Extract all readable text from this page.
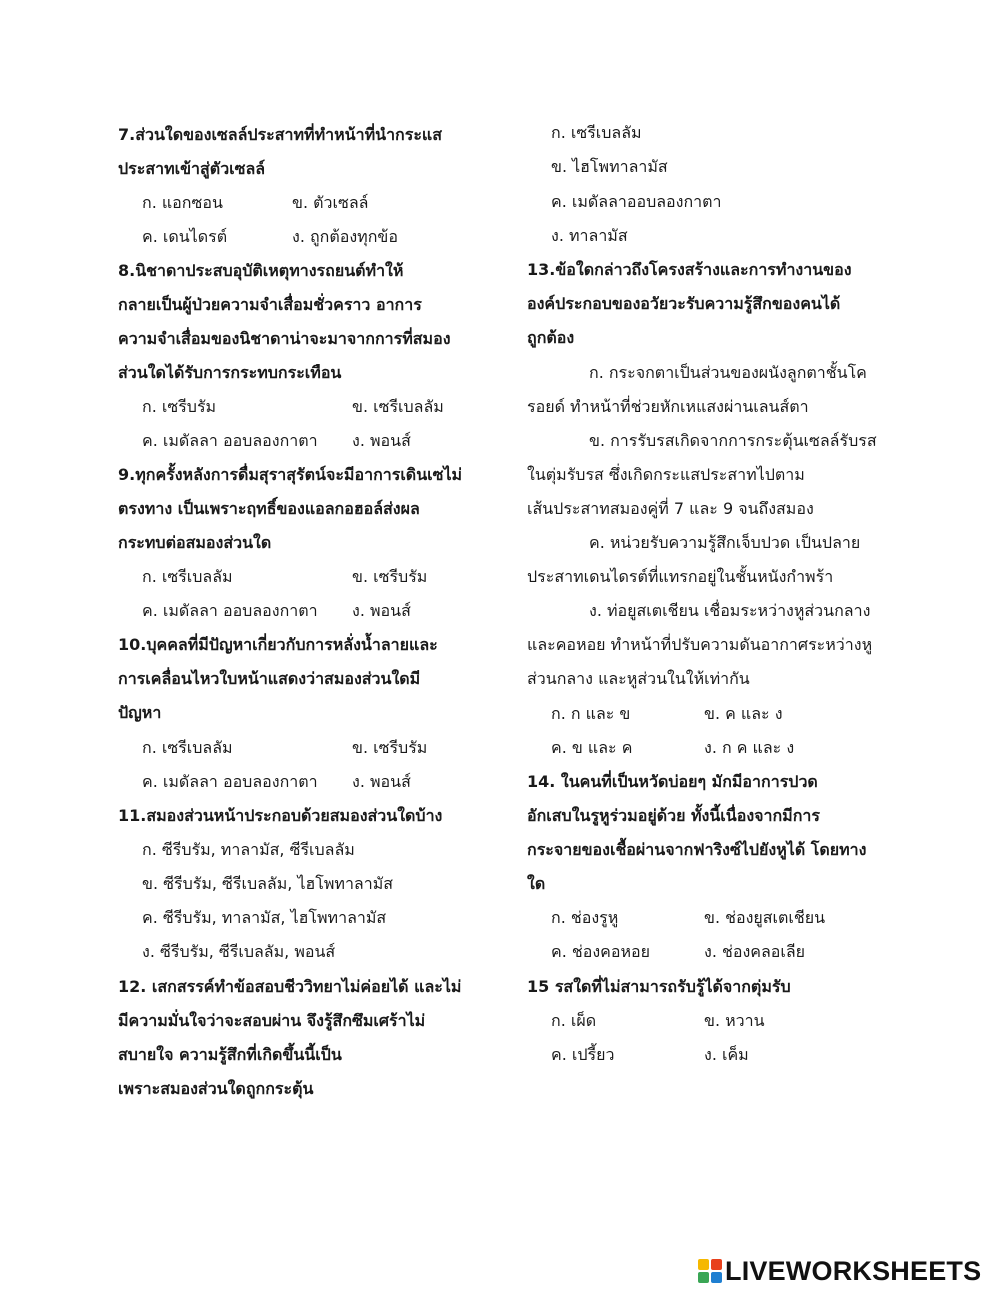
7.ส่วนใดของเซลล์ประสาทที่ทำหน้าที่นำกระแส
ประสาทเข้าสู่ตัวเซลล์
ก. แอกซอน	ข. ตัวเซลล์
ค. เดนไดรต์	ง. ถูกต้องทุกข้อ
8.นิชาดาประสบอุบัติเหตุทางรถยนต์ทำให้
กลายเป็นผู้ป่วยความจำเสื่อมชั่วคราว อาการ
ความจำเสื่อมของนิชาดาน่าจะมาจากการที่สมอง
ส่วนใดได้รับการกระทบกระเทือน
ก. เซรีบรัม	ข. เซรีเบลลัม
ค. เมดัลลา ออบลองกาตา ง. พอนส์
9.ทุกครั้งหลังการดื่มสุราสุรัตน์จะมีอาการเดินเซไม่
ตรงทาง เป็นเพราะฤทธิ์ของแอลกอฮอล์ส่งผล
กระทบต่อสมองส่วนใด
ก. เซรีเบลลัม	ข. เซรีบรัม
ค. เมดัลลา ออบลองกาตา ง. พอนส์
10.บุคคลที่มีปัญหาเกี่ยวกับการหลั่งน้ำลายและ
การเคลื่อนไหวใบหน้าแสดงว่าสมองส่วนใดมี
ปัญหา
ก. เซรีเบลลัม	ข. เซรีบรัม
ค. เมดัลลา ออบลองกาตา ง. พอนส์
11.สมองส่วนหน้าประกอบด้วยสมองส่วนใดบ้าง
ก. ซีรีบรัม, ทาลามัส, ซีรีเบลลัม
ข. ซีรีบรัม, ซีรีเบลลัม, ไฮโพทาลามัส
ค. ซีรีบรัม, ทาลามัส, ไฮโพทาลามัส
ง. ซีรีบรัม, ซีรีเบลลัม, พอนส์
12. เสกสรรค์ทำข้อสอบชีววิทยาไม่ค่อยได้ และไม่
มีความมั่นใจว่าจะสอบผ่าน จึงรู้สึกซึมเศร้าไม่
สบายใจ ความรู้สึกที่เกิดขึ้นนี้เป็น
เพราะสมองส่วนใดถูกกระตุ้น
ก. เซรีเบลลัม
ข. ไฮโพทาลามัส
ค. เมดัลลาออบลองกาตา
ง. ทาลามัส
13.ข้อใดกล่าวถึงโครงสร้างและการทำงานของ
องค์ประกอบของอวัยวะรับความรู้สึกของคนได้
ถูกต้อง
ก. กระจกตาเป็นส่วนของผนังลูกตาชั้นโค
รอยด์ ทำหน้าที่ช่วยหักเหแสงผ่านเลนส์ตา
ข. การรับรสเกิดจากการกระตุ้นเซลล์รับรส
ในตุ่มรับรส ซึ่งเกิดกระแสประสาทไปตาม
เส้นประสาทสมองคู่ที่ 7 และ 9 จนถึงสมอง
ค. หน่วยรับความรู้สึกเจ็บปวด เป็นปลาย
ประสาทเดนไดรต์ที่แทรกอยู่ในชั้นหนังกำพร้า
ง. ท่อยูสเตเชียน เชื่อมระหว่างหูส่วนกลาง
และคอหอย ทำหน้าที่ปรับความดันอากาศระหว่างหู
ส่วนกลาง และหูส่วนในให้เท่ากัน
ก. ก และ ข	ข. ค และ ง
ค. ข และ ค	ง. ก ค และ ง
14. ในคนที่เป็นหวัดบ่อยๆ มักมีอาการปวด
อักเสบในรูหูร่วมอยู่ด้วย ทั้งนี้เนื่องจากมีการ
กระจายของเชื้อผ่านจากฟาริงซ์ไปยังหูได้ โดยทาง
ใด
ก. ช่องรูหู	ข. ช่องยูสเตเชียน
ค. ช่องคอหอย	ง. ช่องคลอเลีย
15 รสใดที่ไม่สามารถรับรู้ได้จากตุ่มรับ
ก. เผ็ด	ข. หวาน
ค. เปรี้ยว	ง. เค็ม
LIVEWORKSHEETS
